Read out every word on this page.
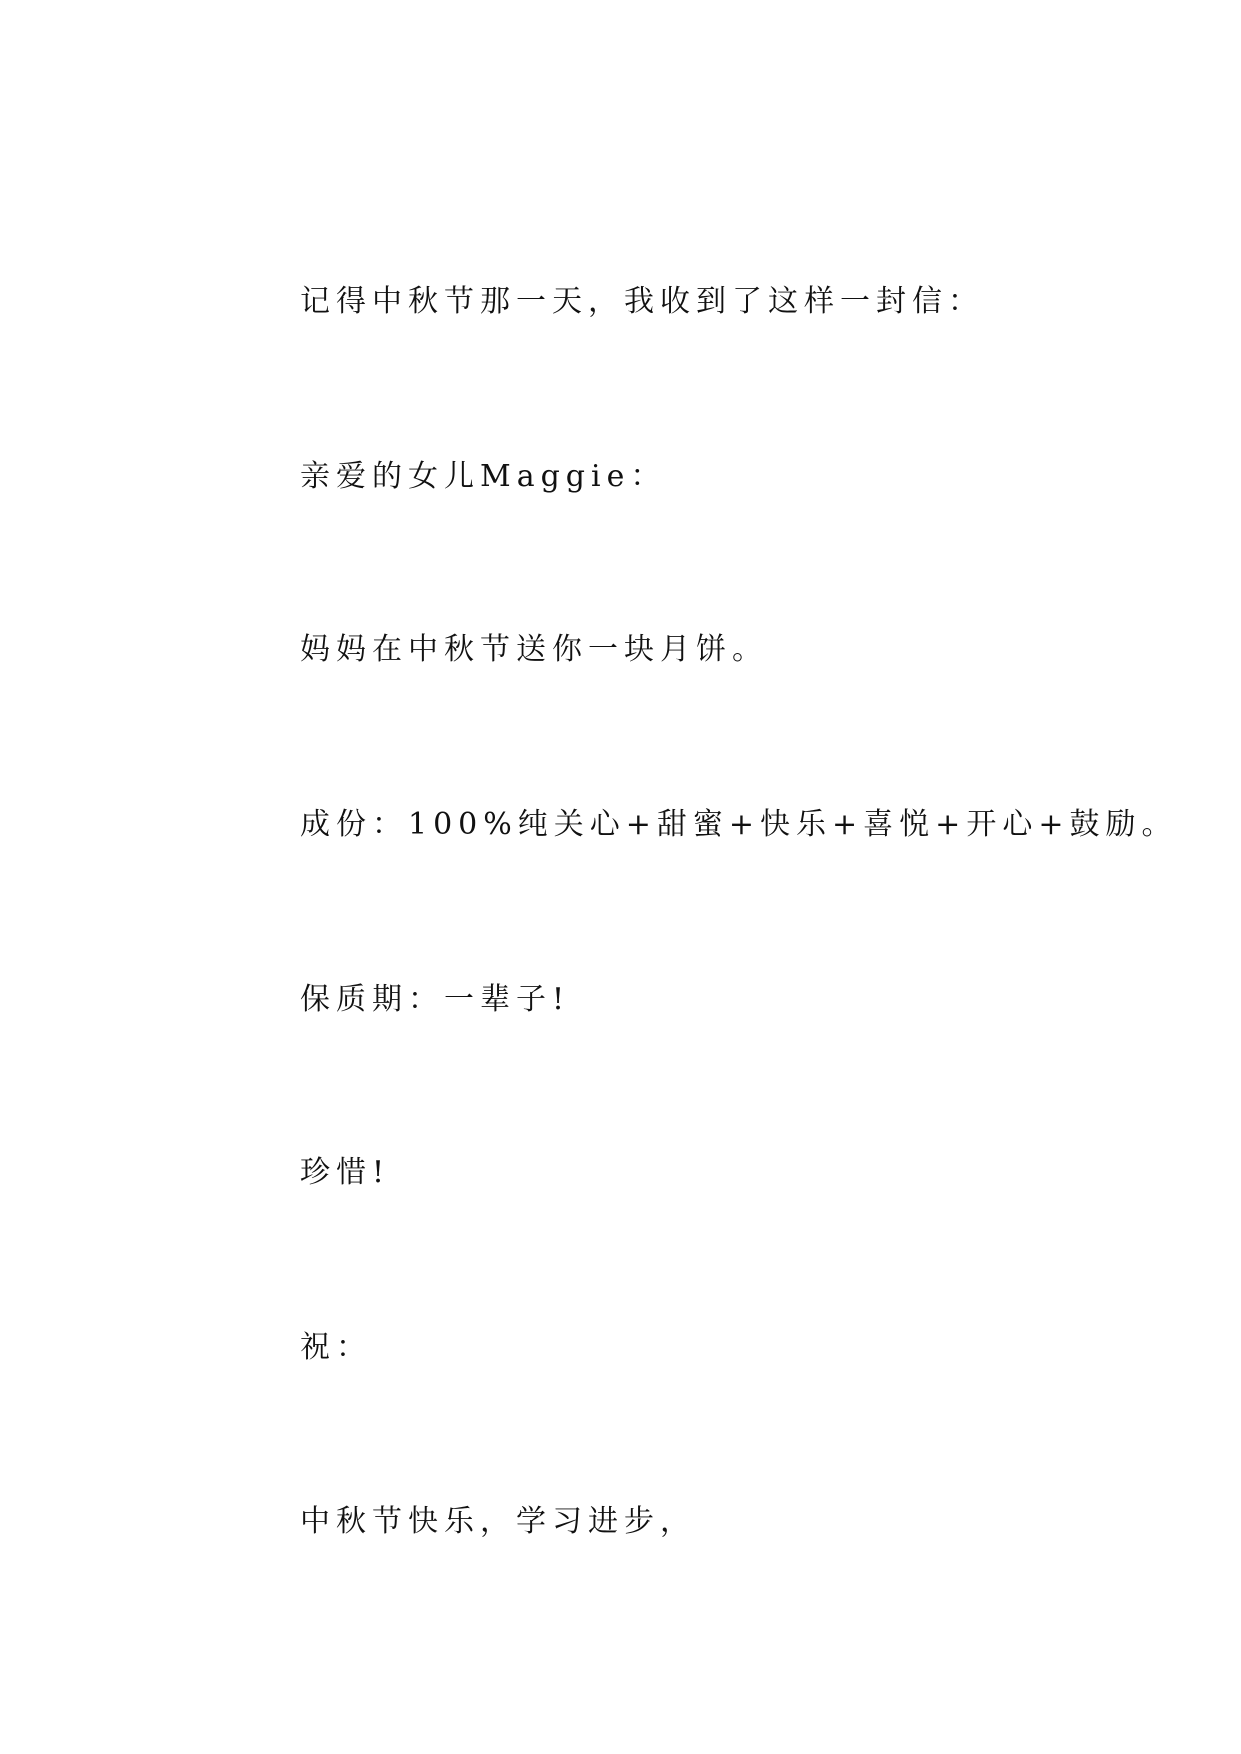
记得中秋节那一天，我收到了这样一封信：
亲爱的女儿Maggie：
妈妈在中秋节送你一块月饼。
成份：100%纯关心+甜蜜+快乐+喜悦+开心+鼓励。
保质期：一辈子!
珍惜!
祝：
中秋节快乐，学习进步，
